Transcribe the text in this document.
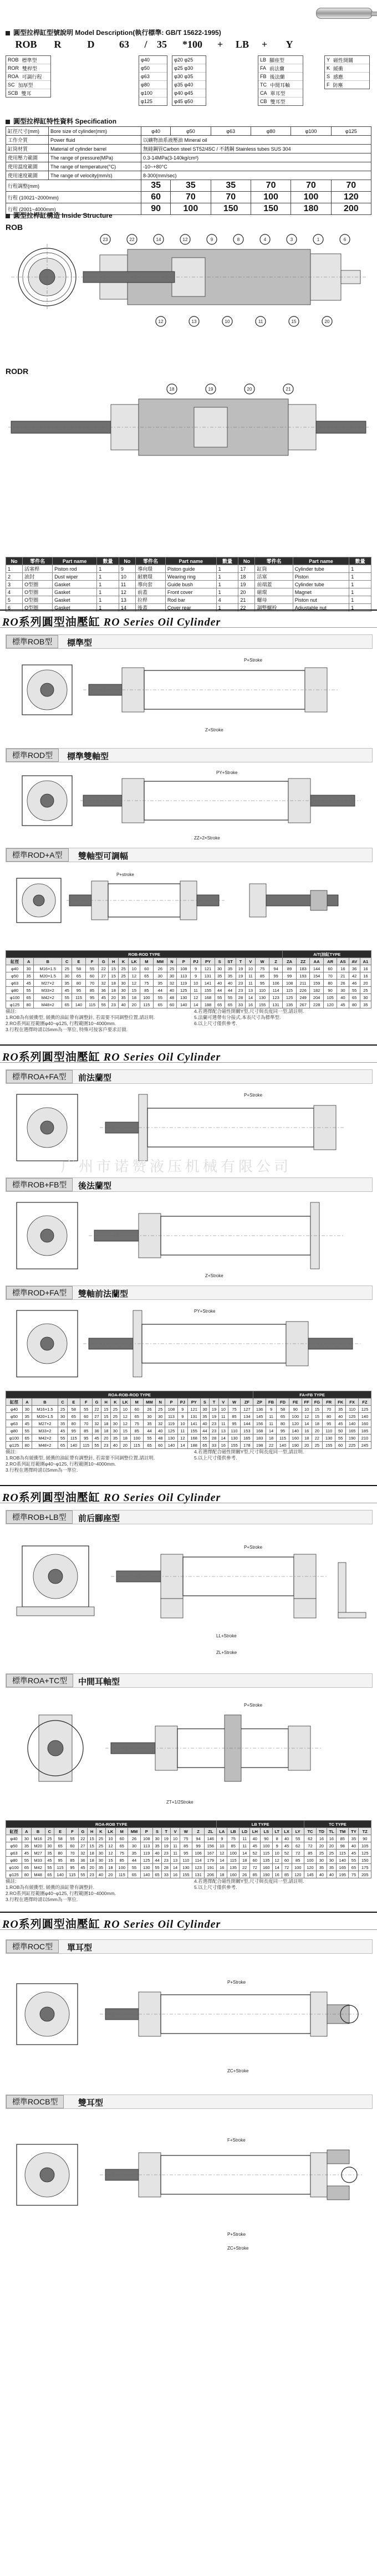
圓型拉桿缸型號說明 Model Description(執行標準: GB/T 15622-1995)
ROB	R	D	63	/ 35	*100	+	LB	+	Y
ROB 標準型
ROR 雙桿型
ROA 可調行程
SC 加厚型
SCB 雙耳
φ40
φ50
φ63
φ80
φ100
φ125
φ20 φ25
φ25 φ30
φ30 φ35
φ35 φ40
φ40 φ45
φ45 φ50
LB 腳座型
FA 前法蘭
FB 後法蘭
TC 中間耳軸
CA 單耳型
CB 雙耳型
Y 磁性開關
K 緩衝
S 感應
F 防塵
圓型拉桿缸特性資料 Specification
缸徑尺寸(mm)	Bore size of cylinder(mm)	φ40	φ50	φ63	φ80	φ100	φ125
工作介質	Power fluid	以礦物油系液壓油 Mineral oil					
缸筒材質	Material of cylinder barrel	無縫鋼管Carbon steel ST52/45C / 不銹鋼 Stainless tubes SUS 304					
使用壓力範圍	The range of pressure(MPa)	0.3-14MPa(3-140kg/cm²)					
使用溫度範圍	The range of temperature(°C)	-10~+80°C					
使用速度範圍	The range of velocity(mm/s)	8-300(mm/sec)					
行程調整(mm)		35	35	35	70	70	70
行程 (10021~2000mm)		60	70	70	100	100	120
行程 (2001~4000mm)		90	100	150	150	180	200
圓型拉桿缸構造 Inside Structure
ROB
23	22	14	12	9	8	4	3	1	6
12	13	10	11	15	20
RODR
18	19	20	21
No	零件名	Part name	數量	No	零件名	Part name	數量	No	零件名	Part name	數量
1	活塞桿	Piston rod	1	9	導向環	Piston guide	1	17	缸筒	Cylinder tube	1
2	油封	Dust wiper	1	10	耐磨環	Wearing ring	1	18	活塞	Piston	1
3	O型圈	Gasket	1	11	導向套	Guide bush	1	19	前端蓋	Cylinder tube	1
4	O型圈	Gasket	1	12	前蓋	Front cover	1	20	磁環	Magnet	1
5	O型圈	Gasket	1	13	拉桿	Rod bar	4	21	螺母	Piston nut	1
6	O型圈	Gasket	1	14	後蓋	Cover rear	1	22	調整螺栓	Adjustable nut	1
RO系列圓型油壓缸 RO Series Oil Cylinder
標準ROB型	標準型
P+Stroke
Z+Stroke
標準ROD型	標準雙軸型
PY+Stroke
ZZ+2×Stroke
標準ROD+A型	雙軸型可調幅
P+stroke
ROB-ROD TYPE																						A/T(油缸TYPE						
缸徑	A	B	C	E	F	G	H	K	LK	M	MM	N	P	PJ	PY	S	ST	T	V	W	Z	ZA	ZZ	AA	AR	AS	AV	A1
φ40	30	M16×1.5	25	58	55	22	15	25	10	60	26	25	108	9	121	30	35	19	10	75	94	89	183	144	60	16	36	16
φ50	35	M20×1.5	30	65	60	27	15	25	12	65	30	30	113	9	131	35	35	19	11	85	99	99	193	154	70	21	42	16
φ63	45	M27×2	35	80	70	32	18	30	12	75	35	32	119	10	141	40	40	23	11	95	106	108	211	159	80	26	46	20
φ80	55	M33×2	45	95	85	36	18	30	15	85	44	40	125	11	155	44	44	23	13	110	114	115	226	182	90	30	55	25
φ100	65	M42×2	55	115	95	45	20	35	18	100	55	48	130	12	168	55	55	28	14	130	123	125	249	204	105	40	65	30
φ125	80	M48×2	65	140	115	55	23	40	20	115	65	60	140	14	188	65	65	33	16	155	131	135	267	228	120	45	80	35
備註:
1.ROB為有緩衝型, 緩衝的油缸帶有調整針, 若需要不同調整位置,請註明.
2.RO系列缸徑範圍φ40~φ125, 行程範圍10~4000mm.
3.行程在選擇時請以5mm為一單位, 特殊可按客戶要求訂做.
4.若選擇配合磁性開關Y型,尺寸與長度同一型,請註明.
5.法蘭可選帶有分接式,本表尺寸為標準型.
6.以上尺寸僅供參考.
RO系列圓型油壓缸 RO Series Oil Cylinder
標準ROA+FA型	前法蘭型
P+Stroke
广州市诺赞液压机械有限公司
標準ROB+FB型	後法蘭型
Z+Stroke
標準ROD+FA型	雙軸前法蘭型
PY+Stroke
ROA-ROB-ROD TYPE																					FA+FB TYPE									
缸徑	A	B	C	E	F	G	H	K	LK	M	MM	N	P	PJ	PY	S	T	V	W	ZF	ZP	FB	FD	FE	FF	FG	FR	FK	FX	FZ
φ40	30	M16×1.5	25	58	55	22	15	25	10	60	26	25	108	9	121	30	19	10	75	127	136	9	58	90	10	15	70	35	110	125
φ50	35	M20×1.5	30	65	60	27	15	25	12	65	30	30	113	9	131	35	19	11	85	134	145	11	65	100	12	15	80	40	125	140
φ63	45	M27×2	35	80	70	32	18	30	12	75	35	32	119	10	141	40	23	11	95	144	156	11	80	120	14	18	95	45	140	160
φ80	55	M33×2	45	95	85	36	18	30	15	85	44	40	125	11	155	44	23	13	110	153	168	14	95	140	16	20	110	50	165	185
φ100	65	M42×2	55	115	95	45	20	35	18	100	55	48	130	12	168	55	28	14	130	165	183	18	115	160	18	22	130	55	190	210
φ125	80	M48×2	65	140	115	55	23	40	20	115	65	60	140	14	188	65	33	16	155	178	198	22	140	190	20	25	155	60	225	245
備註:
1.ROB為有緩衝型, 緩衝的油缸帶有調整針, 若需要不同調整位置,請註明.
2.RO系列缸徑範圍φ40~φ125, 行程範圍10~4000mm.
3.行程在選擇時請以5mm為一單位.
4.若選擇配合磁性開關Y型,尺寸與長度同一型,請註明.
5.以上尺寸僅供參考.
RO系列圓型油壓缸 RO Series Oil Cylinder
標準ROB+LB型	前后腳座型
P+Stroke
LL+Stroke
ZL+Stroke
標準ROA+TC型	中間耳軸型
P+Stroke
ZT+1/2Stroke
ROA-ROB TYPE																			LB TYPE								TC TYPE					
缸徑	A	B	C	E	F	G	H	K	LK	M	MM	P	S	T	V	W	Z	ZL	LA	LB	LD	LH	LS	LT	LX	LY	TC	TD	TL	TM	TY	TZ
φ40	30	M16	25	58	55	22	15	25	10	60	26	108	30	19	10	75	94	146	9	75	11	40	90	8	40	55	62	16	16	85	35	90
φ50	35	M20	30	65	60	27	15	25	12	65	30	113	35	19	11	85	99	156	10	85	11	45	100	9	45	62	72	20	20	98	40	105
φ63	45	M27	35	80	70	32	18	30	12	75	35	119	40	23	11	95	106	167	12	100	14	52	115	10	52	72	85	25	25	115	45	125
φ80	55	M33	45	95	85	36	18	30	15	85	44	125	44	23	13	110	114	179	14	115	18	60	135	12	60	85	100	30	30	140	55	150
φ100	65	M42	55	115	95	45	20	35	18	100	55	130	55	28	14	130	123	191	16	135	22	72	160	14	72	100	120	35	35	165	65	175
φ125	80	M48	65	140	115	55	23	40	20	115	65	140	65	33	16	155	131	206	18	160	26	85	190	16	85	120	145	40	40	195	75	205
備註:
1.ROB為有緩衝型, 緩衝的油缸帶有調整針.
2.RO系列缸徑範圍φ40~φ125, 行程範圍10~4000mm.
3.行程在選擇時請以5mm為一單位.
4.若選擇配合磁性開關Y型,尺寸與長度同一型,請註明.
5.以上尺寸僅供參考.
RO系列圓型油壓缸 RO Series Oil Cylinder
標準ROC型	單耳型
P+Stroke
ZC+Stroke
標準ROCB型	雙耳型
F+Stroke
P+Stroke
ZC+Stroke
